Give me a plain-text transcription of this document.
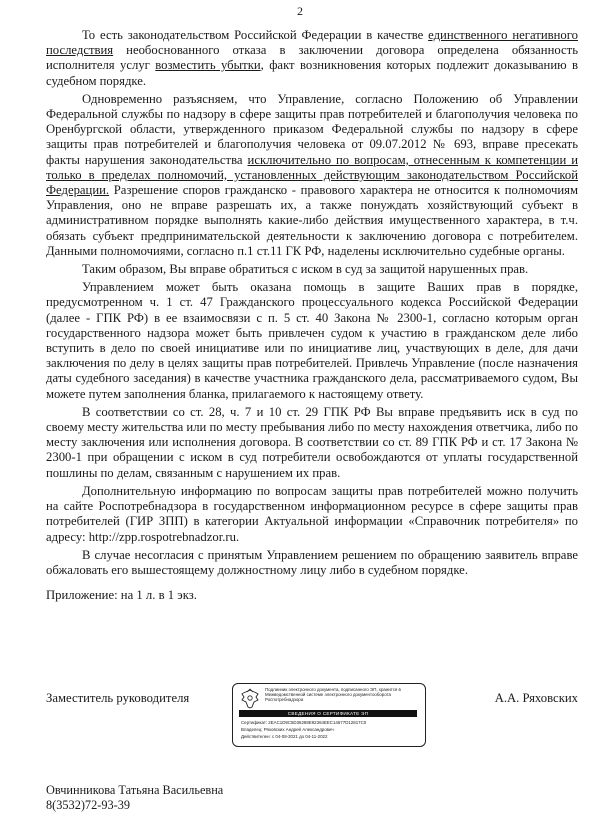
2

То есть законодательством Российской Федерации в качестве единственного негативного последствия необоснованного отказа в заключении договора определена обязанность исполнителя услуг возместить убытки, факт возникновения которых подлежит доказыванию в судебном порядке.

Одновременно разъясняем, что Управление, согласно Положению об Управлении Федеральной службы по надзору в сфере защиты прав потребителей и благополучия человека по Оренбургской области, утвержденного приказом Федеральной службы по надзору в сфере защиты прав потребителей и благополучия человека от 09.07.2012 № 693, вправе пресекать факты нарушения законодательства исключительно по вопросам, отнесенным к компетенции и только в пределах полномочий, установленных действующим законодательством Российской Федерации. Разрешение споров гражданско - правового характера не относится к полномочиям Управления, оно не вправе разрешать их, а также понуждать хозяйствующий субъект в административном порядке выполнять какие-либо действия имущественного характера, в т.ч. обязать субъект предпринимательской деятельности к заключению договора с потребителем. Данными полномочиями, согласно п.1 ст.11 ГК РФ, наделены исключительно судебные органы.

Таким образом, Вы вправе обратиться с иском в суд за защитой нарушенных прав.

Управлением может быть оказана помощь в защите Ваших прав в порядке, предусмотренном ч. 1 ст. 47 Гражданского процессуального кодекса Российской Федерации (далее - ГПК РФ) в ее взаимосвязи с п. 5 ст. 40 Закона № 2300-1, согласно которым орган государственного надзора может быть привлечен судом к участию в гражданском деле либо вступить в дело по своей инициативе или по инициативе лиц, участвующих в деле, для дачи заключения по делу в целях защиты прав потребителей. Привлечь Управление (после назначения даты судебного заседания) в качестве участника гражданского дела, рассматриваемого судом, Вы можете путем заполнения бланка, прилагаемого к настоящему ответу.

В соответствии со ст. 28, ч. 7 и 10 ст. 29 ГПК РФ Вы вправе предъявить иск в суд по своему месту жительства или по месту пребывания либо по месту нахождения ответчика, либо по месту заключения или исполнения договора. В соответствии со ст. 89 ГПК РФ и ст. 17 Закона № 2300-1 при обращении с иском в суд потребители освобождаются от уплаты государственной пошлины по делам, связанным с нарушением их прав.

Дополнительную информацию по вопросам защиты прав потребителей можно получить на сайте Роспотребнадзора в государственном информационном ресурсе в сфере защиты прав потребителей (ГИР ЗПП) в категории Актуальной информации «Справочник потребителя» по адресу: http://zpp.rospotrebnadzor.ru.

В случае несогласия с принятым Управлением решением по обращению заявитель вправе обжаловать его вышестоящему должностному лицу либо в судебном порядке.

Приложение: на 1 л. в 1 экз.

Заместитель руководителя
Подлинник электронного документа, подписанного ЭП, хранится в Межведомственной системе электронного документооборота Роспотребнадзора
СВЕДЕНИЯ О СЕРТИФИКАТЕ ЭП
Сертификат: 2EAC1D9C5D36288E92364EEC14677D12817C0
Владелец: Ряховских Андрей Александрович
Действителен: с 04-08-2021 до 04-11-2022
А.А. Ряховских
Овчинникова Татьяна Васильевна
8(3532)72-93-39
